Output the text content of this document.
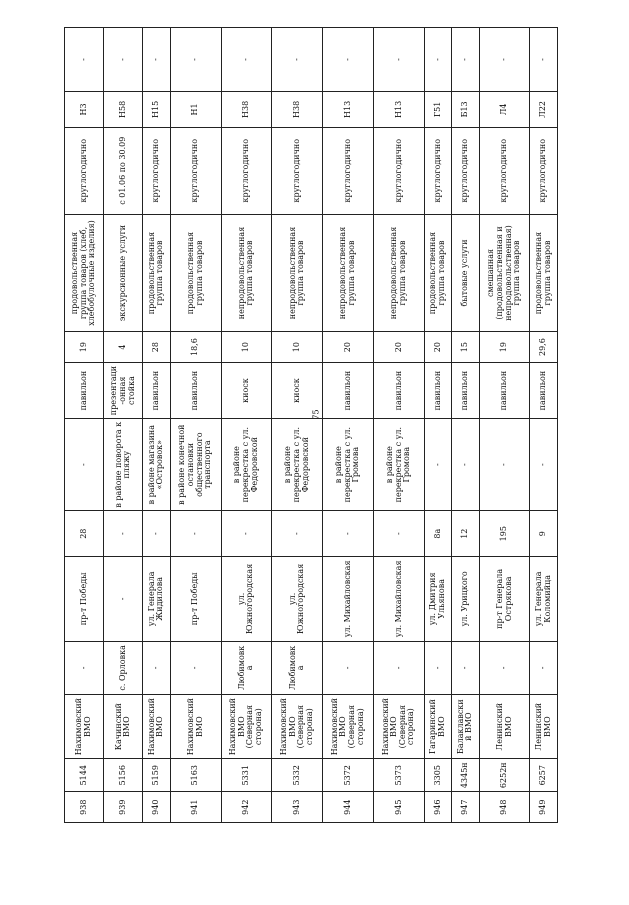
75
938	5144	Нахимовский ВМО	-	пр-т Победы	28	-	павильон	19	продовольственная группа товаров (хлеб, хлебобулочные изделия)	круглогодично	Н3	-
939	5156	Качинский ВМО	с. Орловка	-	-	в районе поворота к пляжу	презентаци-онная стойка	4	экскурсионные услуги	с 01.06 по 30.09	Н58	-
940	5159	Нахимовский ВМО	-	ул. Генерала Жидилова	-	в районе магазина «Островок»	павильон	28	продовольственная группа товаров	круглогодично	Н15	-
941	5163	Нахимовский ВМО	-	пр-т Победы	-	в районе конечной остановки общественного транспорта	павильон	18,6	продовольственная группа товаров	круглогодично	Н1	-
942	5331	Нахимовский ВМО (Северная сторона)	Любимовка	ул. Южногородская	-	в районе перекрестка с ул. Федоровской	киоск	10	непродовольственная группа товаров	круглогодично	Н38	-
943	5332	Нахимовский ВМО (Северная сторона)	Любимовка	ул. Южногородская	-	в районе перекрестка с ул. Федоровской	киоск	10	непродовольственная группа товаров	круглогодично	Н38	-
944	5372	Нахимовский ВМО (Северная сторона)	-	ул. Михайловская	-	в районе перекрестка с ул. Громова	павильон	20	непродовольственная группа товаров	круглогодично	Н13	-
945	5373	Нахимовский ВМО (Северная сторона)	-	ул. Михайловская	-	в районе перекрестка с ул. Громова	павильон	20	непродовольственная группа товаров	круглогодично	Н13	-
946	3305	Гагаринский ВМО	-	ул. Дмитрия Ульянова	8а	-	павильон	20	продовольственная группа товаров	круглогодично	Г51	-
947	4345н	Балаклавский ВМО	-	ул. Урицкого	12	-	павильон	15	бытовые услуги	круглогодично	Б13	-
948	6252н	Ленинский ВМО	-	пр-т Генерала Острякова	195	-	павильон	19	смешанная (продовольственная и непродовольственная) группа товаров	круглогодично	Л4	-
949	6257	Ленинский ВМО	-	ул. Генерала Коломийца	9	-	павильон	29,6	продовольственная группа товаров	круглогодично	Л22	-
